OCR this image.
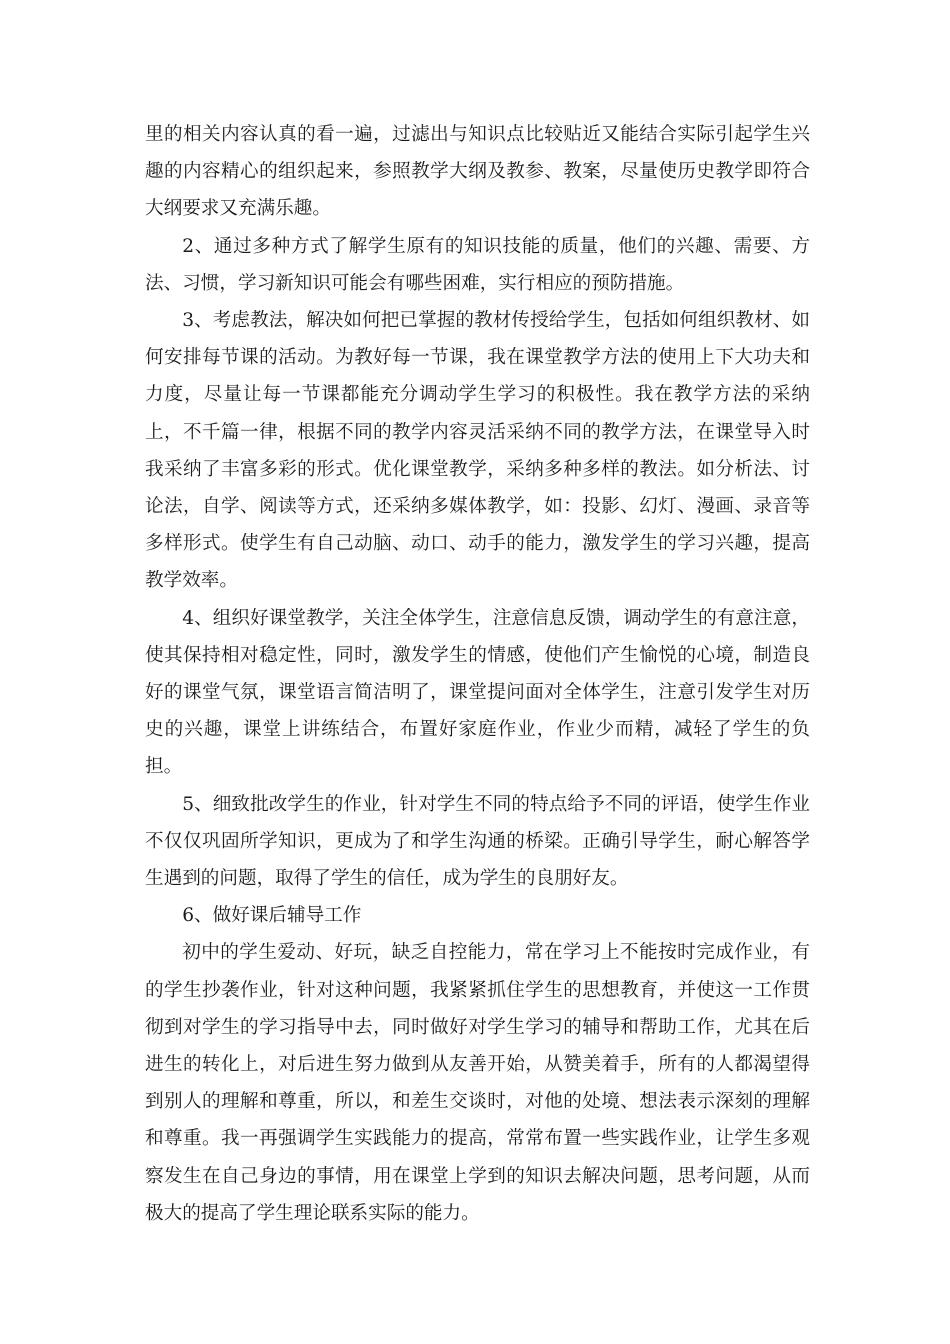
里的相关内容认真的看一遍，过滤出与知识点比较贴近又能结合实际引起学生兴趣的内容精心的组织起来，参照教学大纲及教参、教案，尽量使历史教学即符合大纲要求又充满乐趣。

2、通过多种方式了解学生原有的知识技能的质量，他们的兴趣、需要、方法、习惯，学习新知识可能会有哪些困难，实行相应的预防措施。

3、考虑教法，解决如何把已掌握的教材传授给学生，包括如何组织教材、如何安排每节课的活动。为教好每一节课，我在课堂教学方法的使用上下大功夫和力度，尽量让每一节课都能充分调动学生学习的积极性。我在教学方法的采纳上，不千篇一律，根据不同的教学内容灵活采纳不同的教学方法，在课堂导入时我采纳了丰富多彩的形式。优化课堂教学，采纳多种多样的教法。如分析法、讨论法，自学、阅读等方式，还采纳多媒体教学，如：投影、幻灯、漫画、录音等多样形式。使学生有自己动脑、动口、动手的能力，激发学生的学习兴趣，提高教学效率。

4、组织好课堂教学，关注全体学生，注意信息反馈，调动学生的有意注意，使其保持相对稳定性，同时，激发学生的情感，使他们产生愉悦的心境，制造良好的课堂气氛，课堂语言简洁明了，课堂提问面对全体学生，注意引发学生对历史的兴趣，课堂上讲练结合，布置好家庭作业，作业少而精，减轻了学生的负担。

5、细致批改学生的作业，针对学生不同的特点给予不同的评语，使学生作业不仅仅巩固所学知识，更成为了和学生沟通的桥梁。正确引导学生，耐心解答学生遇到的问题，取得了学生的信任，成为学生的良朋好友。

6、做好课后辅导工作

初中的学生爱动、好玩，缺乏自控能力，常在学习上不能按时完成作业，有的学生抄袭作业，针对这种问题，我紧紧抓住学生的思想教育，并使这一工作贯彻到对学生的学习指导中去，同时做好对学生学习的辅导和帮助工作，尤其在后进生的转化上，对后进生努力做到从友善开始，从赞美着手，所有的人都渴望得到别人的理解和尊重，所以，和差生交谈时，对他的处境、想法表示深刻的理解和尊重。我一再强调学生实践能力的提高，常常布置一些实践作业，让学生多观察发生在自己身边的事情，用在课堂上学到的知识去解决问题，思考问题，从而极大的提高了学生理论联系实际的能力。
